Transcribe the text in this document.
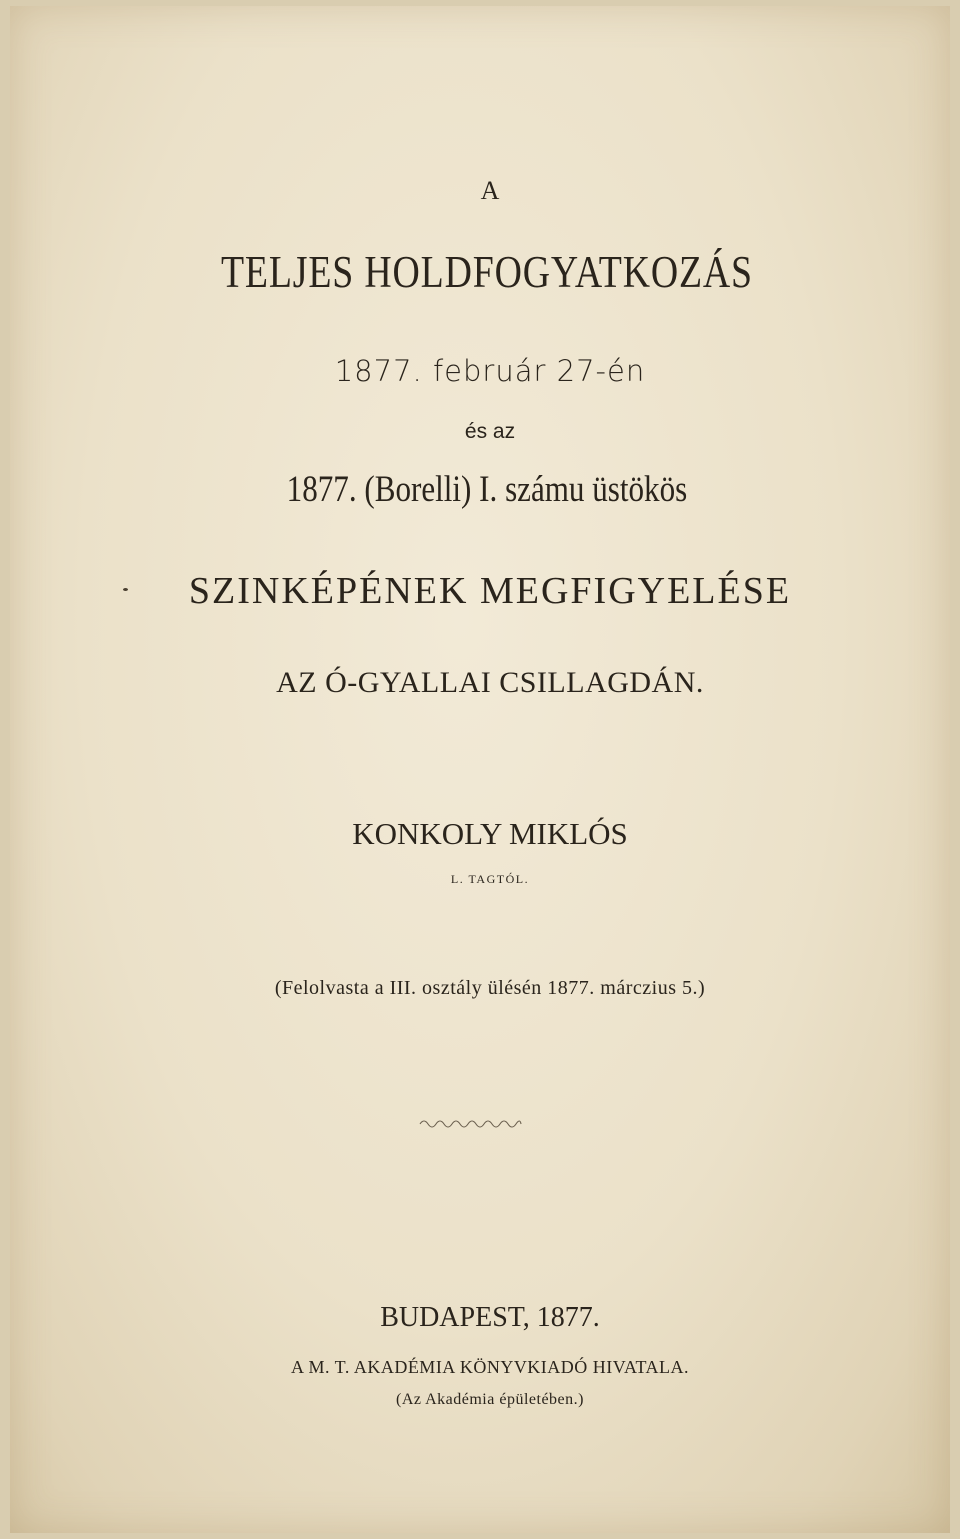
A
TELJES HOLDFOGYATKOZÁS
1877. február 27-én
és az
1877. (Borelli) I. számu üstökös
SZINKÉPÉNEK MEGFIGYELÉSE
AZ Ó-GYALLAI CSILLAGDÁN.
KONKOLY MIKLÓS
L. TAGTÓL.
(Felolvasta a III. osztály ülésén 1877. márczius 5.)
BUDAPEST, 1877.
A M. T. AKADÉMIA KÖNYVKIADÓ HIVATALA.
(Az Akadémia épületében.)
